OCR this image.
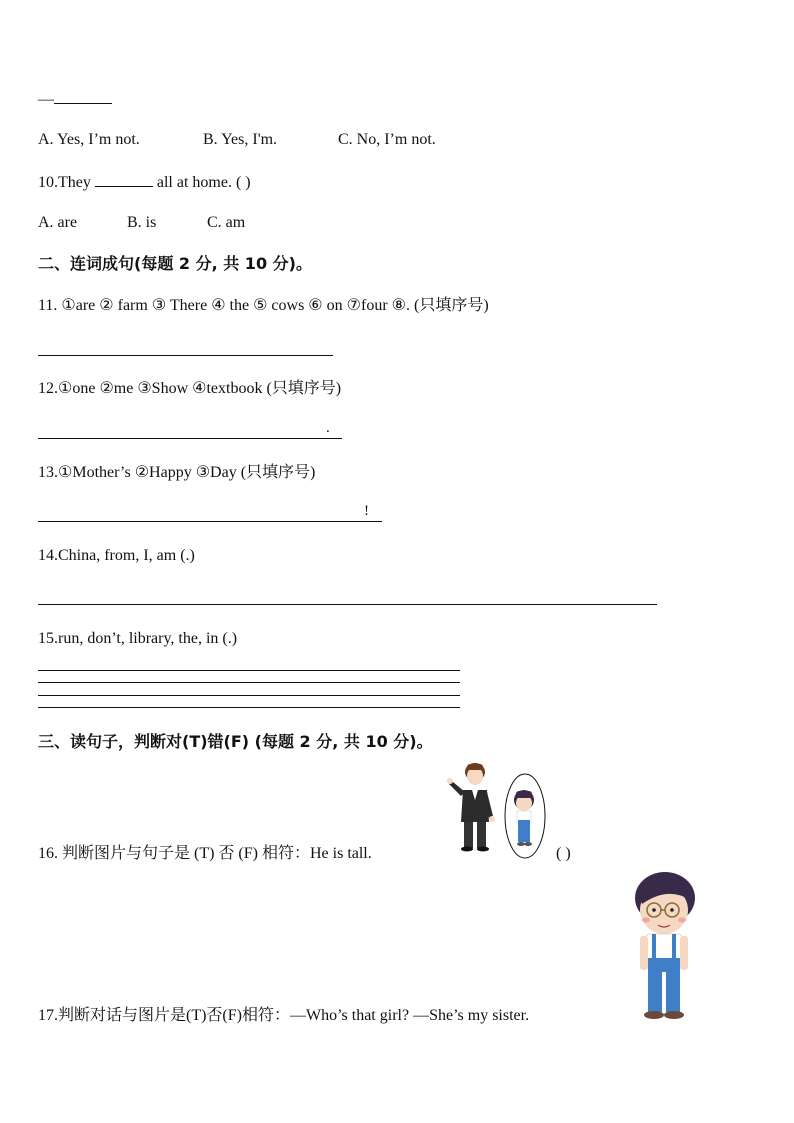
—
A. Yes, I’m not.	B. Yes, I'm.	C. No, I’m not.
10.They	all at home. ( )
A. are	B. is	C. am
二、连词成句(每题 2 分, 共 10 分)。
11. ①are ② farm ③ There ④ the ⑤ cows ⑥ on ⑦four ⑧. (只填序号)
12.①one ②me ③Show ④textbook (只填序号)
.
13.①Mother’s ②Happy ③Day (只填序号)
!
14.China, from, I, am (.)
15.run, don’t, library, the, in (.)
三、读句子，判断对(T)错(F) (每题 2 分, 共 10 分)。
16. 判断图片与句子是 (T) 否 (F) 相符：He is tall.	( )
17.判断对话与图片是(T)否(F)相符：—Who’s that girl? —She’s my sister.
